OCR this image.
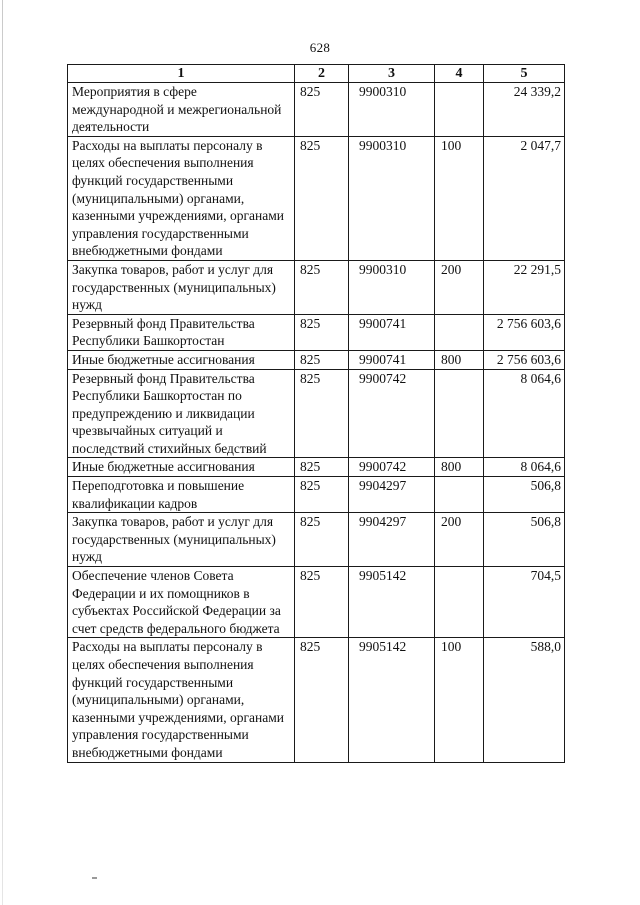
628
1	2	3	4	5
Мероприятия в сфере международной и межрегиональной деятельности	825	9900310		24 339,2
Расходы на выплаты персоналу в целях обеспечения выполнения функций государственными (муниципальными) органами, казенными учреждениями, органами управления государственными внебюджетными фондами	825	9900310	100	2 047,7
Закупка товаров, работ и услуг для государственных (муниципальных) нужд	825	9900310	200	22 291,5
Резервный фонд Правительства Республики Башкортостан	825	9900741		2 756 603,6
Иные бюджетные ассигнования	825	9900741	800	2 756 603,6
Резервный фонд Правительства Республики Башкортостан по предупреждению и ликвидации чрезвычайных ситуаций и последствий стихийных бедствий	825	9900742		8 064,6
Иные бюджетные ассигнования	825	9900742	800	8 064,6
Переподготовка и повышение квалификации кадров	825	9904297		506,8
Закупка товаров, работ и услуг для государственных (муниципальных) нужд	825	9904297	200	506,8
Обеспечение членов Совета Федерации и их помощников в субъектах Российской Федерации за счет средств федерального бюджета	825	9905142		704,5
Расходы на выплаты персоналу в целях обеспечения выполнения функций государственными (муниципальными) органами, казенными учреждениями, органами управления государственными внебюджетными фондами	825	9905142	100	588,0
